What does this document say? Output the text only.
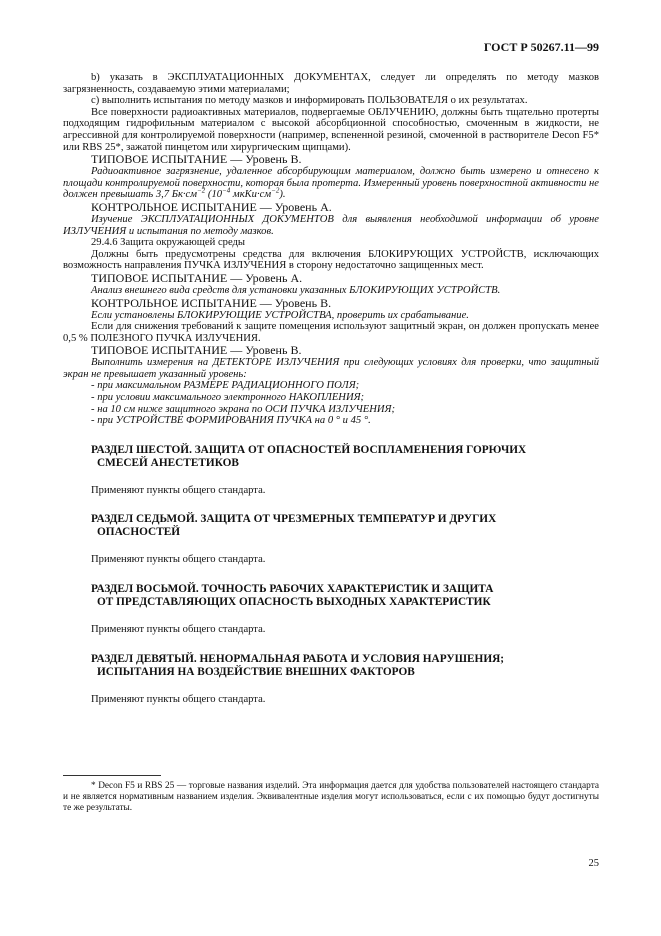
ГОСТ Р 50267.11—99

b) указать в ЭКСПЛУАТАЦИОННЫХ ДОКУМЕНТАХ, следует ли определять по методу мазков загрязненность, создаваемую этими материалами;

c) выполнить испытания по методу мазков и информировать ПОЛЬЗОВАТЕЛЯ о их результатах.

Все поверхности радиоактивных материалов, подвергаемые ОБЛУЧЕНИЮ, должны быть тщательно протерты подходящим гидрофильным материалом с высокой абсорбционной способностью, смоченным в жидкости, не агрессивной для контролируемой поверхности (например, вспененной резиной, смоченной в растворителе Decon F5* или RBS 25*, зажатой пинцетом или хирургическим щипцами).

ТИПОВОЕ ИСПЫТАНИЕ — Уровень В.

Радиоактивное загрязнение, удаленное абсорбирующим материалом, должно быть измерено и отнесено к площади контролируемой поверхности, которая была протерта. Измеренный уровень поверхностной активности не должен превышать 3,7 $Бк\cdot см^{-2}$ ($10^{-4}$ $мкКи\cdot см^{-2}$).

КОНТРОЛЬНОЕ ИСПЫТАНИЕ — Уровень А.

Изучение ЭКСПЛУАТАЦИОННЫХ ДОКУМЕНТОВ для выявления необходимой информации об уровне ИЗЛУЧЕНИЯ и испытания по методу мазков.

29.4.6 Защита окружающей среды

Должны быть предусмотрены средства для включения БЛОКИРУЮЩИХ УСТРОЙСТВ, исключающих возможность направления ПУЧКА ИЗЛУЧЕНИЯ в сторону недостаточно защищенных мест.

ТИПОВОЕ ИСПЫТАНИЕ — Уровень А.

Анализ внешнего вида средств для установки указанных БЛОКИРУЮЩИХ УСТРОЙСТВ.

КОНТРОЛЬНОЕ ИСПЫТАНИЕ — Уровень В.

Если установлены БЛОКИРУЮЩИЕ УСТРОЙСТВА, проверить их срабатывание.

Если для снижения требований к защите помещения используют защитный экран, он должен пропускать менее 0,5 % ПОЛЕЗНОГО ПУЧКА ИЗЛУЧЕНИЯ.

ТИПОВОЕ ИСПЫТАНИЕ — Уровень В.

Выполнить измерения на ДЕТЕКТОРЕ ИЗЛУЧЕНИЯ при следующих условиях для проверки, что защитный экран не превышает указанный уровень:

- при максимальном РАЗМЕРЕ РАДИАЦИОННОГО ПОЛЯ;
- при условии максимального электронного НАКОПЛЕНИЯ;
- на 10 см ниже защитного экрана по ОСИ ПУЧКА ИЗЛУЧЕНИЯ;
- при УСТРОЙСТВЕ ФОРМИРОВАНИЯ ПУЧКА на 0 ° и 45 °.
РАЗДЕЛ ШЕСТОЙ. ЗАЩИТА ОТ ОПАСНОСТЕЙ ВОСПЛАМЕНЕНИЯ ГОРЮЧИХ
СМЕСЕЙ АНЕСТЕТИКОВ

Применяют пункты общего стандарта.

РАЗДЕЛ СЕДЬМОЙ. ЗАЩИТА ОТ ЧРЕЗМЕРНЫХ ТЕМПЕРАТУР И ДРУГИХ
ОПАСНОСТЕЙ

Применяют пункты общего стандарта.

РАЗДЕЛ ВОСЬМОЙ. ТОЧНОСТЬ РАБОЧИХ ХАРАКТЕРИСТИК И ЗАЩИТА
ОТ ПРЕДСТАВЛЯЮЩИХ ОПАСНОСТЬ ВЫХОДНЫХ ХАРАКТЕРИСТИК

Применяют пункты общего стандарта.

РАЗДЕЛ ДЕВЯТЫЙ. НЕНОРМАЛЬНАЯ РАБОТА И УСЛОВИЯ НАРУШЕНИЯ;
ИСПЫТАНИЯ НА ВОЗДЕЙСТВИЕ ВНЕШНИХ ФАКТОРОВ

Применяют пункты общего стандарта.

* Decon F5 и RBS 25 — торговые названия изделий. Эта информация дается для удобства пользователей настоящего стандарта и не является нормативным названием изделия. Эквивалентные изделия могут использоваться, если с их помощью будут достигнуты те же результаты.
25
